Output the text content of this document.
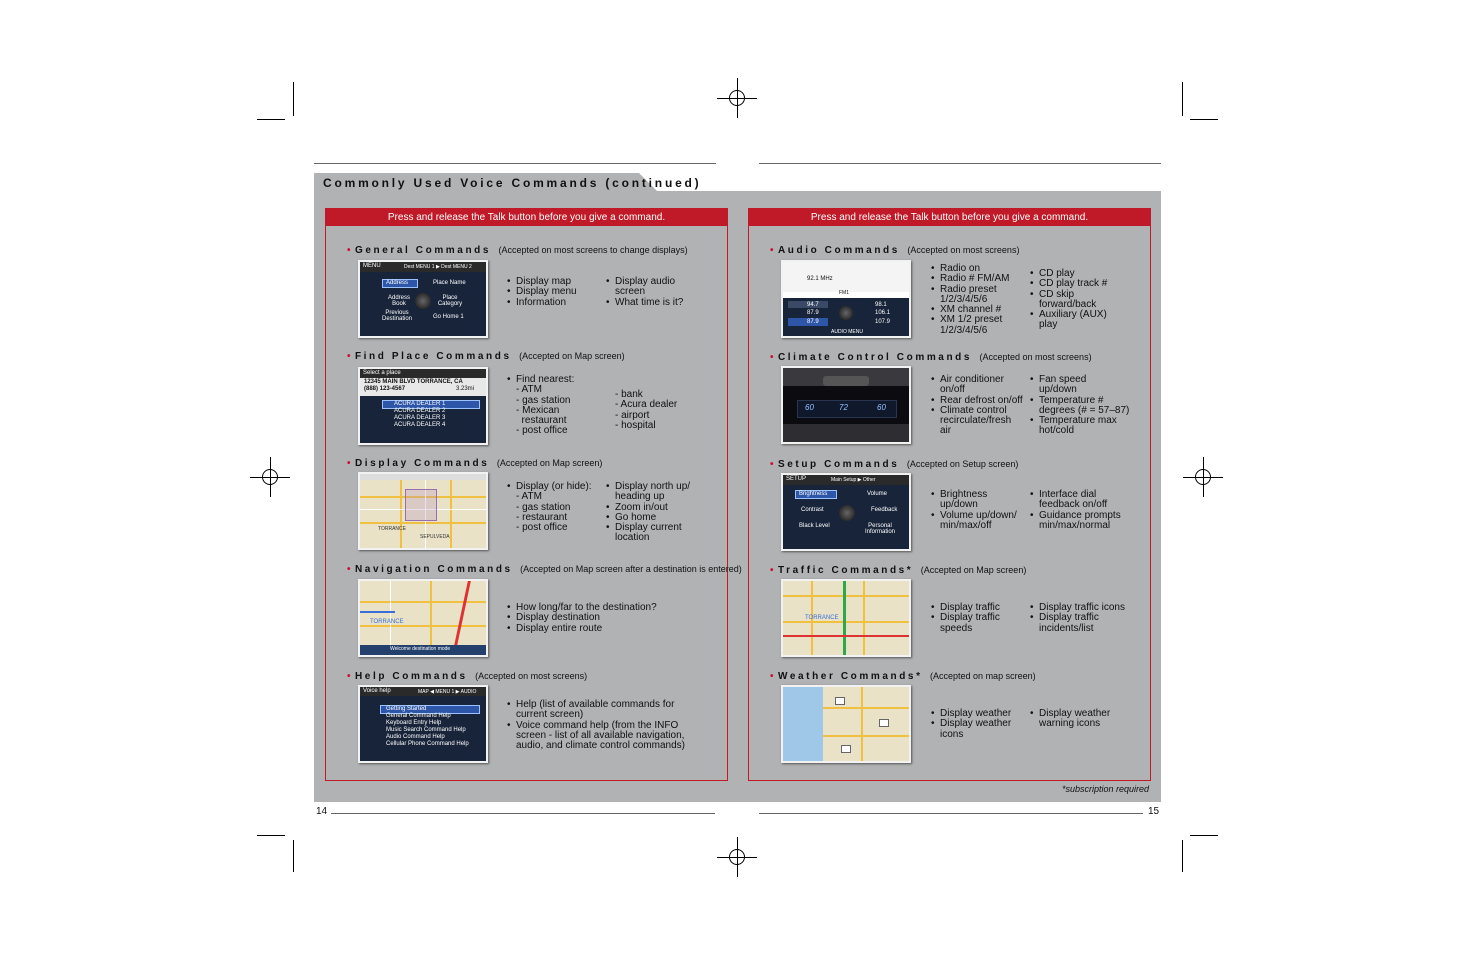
Commonly Used Voice Commands (continued)
Press and release the Talk button before you give a command.
• General Commands (Accepted on most screens to change displays)
MENU	Dest MENU 1 ▶ Dest MENU 2
Address	Place Name
Address Book
Place Category
Previous Destination	Go Home 1
• Display map
• Display menu
• Information
• Display audio
screen
• What time is it?
• Find Place Commands (Accepted on Map screen)
Select a place
12345 MAIN BLVD TORRANCE, CA
(888) 123-4567	3.23mi
ACURA DEALER 1
ACURA DEALER 2
ACURA DEALER 3
ACURA DEALER 4
• Find nearest:
- ATM
- gas station
- Mexican
restaurant
- post office
- bank
- Acura dealer
- airport
- hospital
• Display Commands (Accepted on Map screen)
TORRANCE
SEPULVEDA
• Display (or hide):
- ATM
- gas station
- restaurant
- post office
• Display north up/
heading up
• Zoom in/out
• Go home
• Display current
location
• Navigation Commands (Accepted on Map screen after a destination is entered)
TORRANCE
Welcome destination mode
• How long/far to the destination?
• Display destination
• Display entire route
• Help Commands (Accepted on most screens)
Voice help	MAP ◀ MENU 1 ▶ AUDIO
Getting Started
General Command Help
Keyboard Entry Help
Music Search Command Help
Audio Command Help
Cellular Phone Command Help
• Help (list of available commands for
current screen)
• Voice command help (from the INFO
screen - list of all available navigation,
audio, and climate control commands)
Press and release the Talk button before you give a command.
• Audio Commands (Accepted on most screens)
92.1 MHz
FM1
94.7
87.9
87.9
98.1
106.1
107.9
AUDIO MENU
• Radio on
• Radio # FM/AM
• Radio preset
1/2/3/4/5/6
• XM channel #
• XM 1/2 preset
1/2/3/4/5/6
• CD play
• CD play track #
• CD skip
forward/back
• Auxiliary (AUX)
play
• Climate Control Commands (Accepted on most screens)
60	72	60
• Air conditioner
on/off
• Rear defrost on/off
• Climate control
recirculate/fresh
air
• Fan speed
up/down
• Temperature #
degrees (# = 57–87)
• Temperature max
hot/cold
• Setup Commands (Accepted on Setup screen)
SETUP	Main Setup ▶ Other
Brightness	Volume
Contrast	Feedback
Black Level	Personal Information
• Brightness
up/down
• Volume up/down/
min/max/off
• Interface dial
feedback on/off
• Guidance prompts
min/max/normal
• Traffic Commands* (Accepted on Map screen)
TORRANCE
• Display traffic
• Display traffic
speeds
• Display traffic icons
• Display traffic
incidents/list
• Weather Commands* (Accepted on map screen)
• Display weather
• Display weather
icons
• Display weather
warning icons
*subscription required
14	15
